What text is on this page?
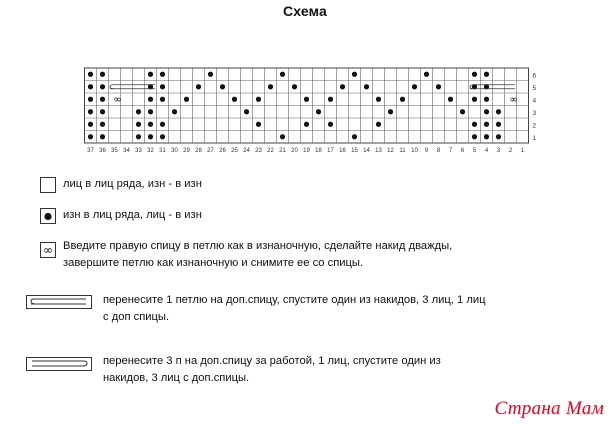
Схема
∞	∞
6
5
4
3
2
1
37 36 35 34 33 32 31 30 29 28 27 26 25 24 23 22 21 20 19 18 17 16 15 14 13 12 11 10 9 8 7 6 5 4 3 2 1
лиц в лиц ряда, изн - в изн
изн в лиц ряда, лиц - в изн
∞ Введите правую спицу в петлю как в изнаночную, сделайте накид дважды,
завершите петлю как изнаночную и снимите ее со спицы.
перенесите 1 петлю на доп.спицу, спустите один из накидов, 3 лиц, 1 лиц
с доп спицы.
перенесите 3 п на доп.спицу за работой, 1 лиц, спустите один из
накидов, 3 лиц с доп.спицы.
Страна Мам
